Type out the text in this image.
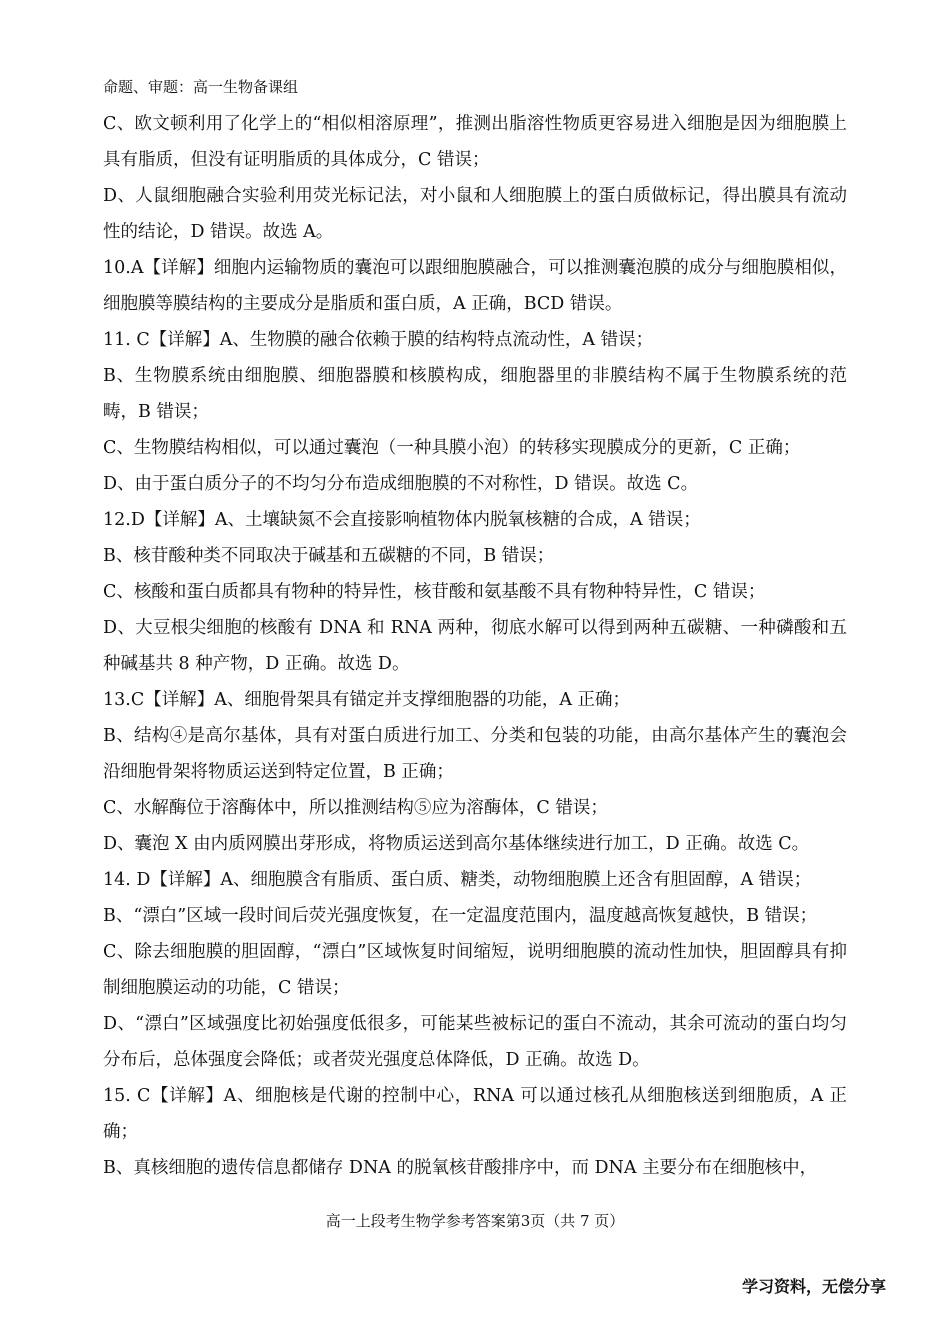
命题、审题：高一生物备课组

C、欧文顿利用了化学上的“相似相溶原理”，推测出脂溶性物质更容易进入细胞是因为细胞膜上具有脂质，但没有证明脂质的具体成分，C 错误；

D、人鼠细胞融合实验利用荧光标记法，对小鼠和人细胞膜上的蛋白质做标记，得出膜具有流动性的结论，D 错误。故选 A。

10.A【详解】细胞内运输物质的囊泡可以跟细胞膜融合，可以推测囊泡膜的成分与细胞膜相似，细胞膜等膜结构的主要成分是脂质和蛋白质，A 正确，BCD 错误。

11. C【详解】A、生物膜的融合依赖于膜的结构特点流动性，A 错误；

B、生物膜系统由细胞膜、细胞器膜和核膜构成，细胞器里的非膜结构不属于生物膜系统的范畴，B 错误；

C、生物膜结构相似，可以通过囊泡（一种具膜小泡）的转移实现膜成分的更新，C 正确；

D、由于蛋白质分子的不均匀分布造成细胞膜的不对称性，D 错误。故选 C。

12.D【详解】A、土壤缺氮不会直接影响植物体内脱氧核糖的合成，A 错误；

B、核苷酸种类不同取决于碱基和五碳糖的不同，B 错误；

C、核酸和蛋白质都具有物种的特异性，核苷酸和氨基酸不具有物种特异性，C 错误；

D、大豆根尖细胞的核酸有 DNA 和 RNA 两种，彻底水解可以得到两种五碳糖、一种磷酸和五种碱基共 8 种产物，D 正确。故选 D。

13.C【详解】A、细胞骨架具有锚定并支撑细胞器的功能，A 正确；

B、结构④是高尔基体，具有对蛋白质进行加工、分类和包装的功能，由高尔基体产生的囊泡会沿细胞骨架将物质运送到特定位置，B 正确；

C、水解酶位于溶酶体中，所以推测结构⑤应为溶酶体，C 错误；

D、囊泡 X 由内质网膜出芽形成，将物质运送到高尔基体继续进行加工，D 正确。故选 C。

14. D【详解】A、细胞膜含有脂质、蛋白质、糖类，动物细胞膜上还含有胆固醇，A 错误；

B、“漂白”区域一段时间后荧光强度恢复，在一定温度范围内，温度越高恢复越快，B 错误；

C、除去细胞膜的胆固醇，“漂白”区域恢复时间缩短，说明细胞膜的流动性加快，胆固醇具有抑制细胞膜运动的功能，C 错误；

D、“漂白”区域强度比初始强度低很多，可能某些被标记的蛋白不流动，其余可流动的蛋白均匀分布后，总体强度会降低；或者荧光强度总体降低，D 正确。故选 D。

15. C【详解】A、细胞核是代谢的控制中心，RNA 可以通过核孔从细胞核送到细胞质，A 正确；

B、真核细胞的遗传信息都储存 DNA 的脱氧核苷酸排序中，而 DNA 主要分布在细胞核中，

高一上段考生物学参考答案第3页（共 7 页）
学习资料，无偿分享
